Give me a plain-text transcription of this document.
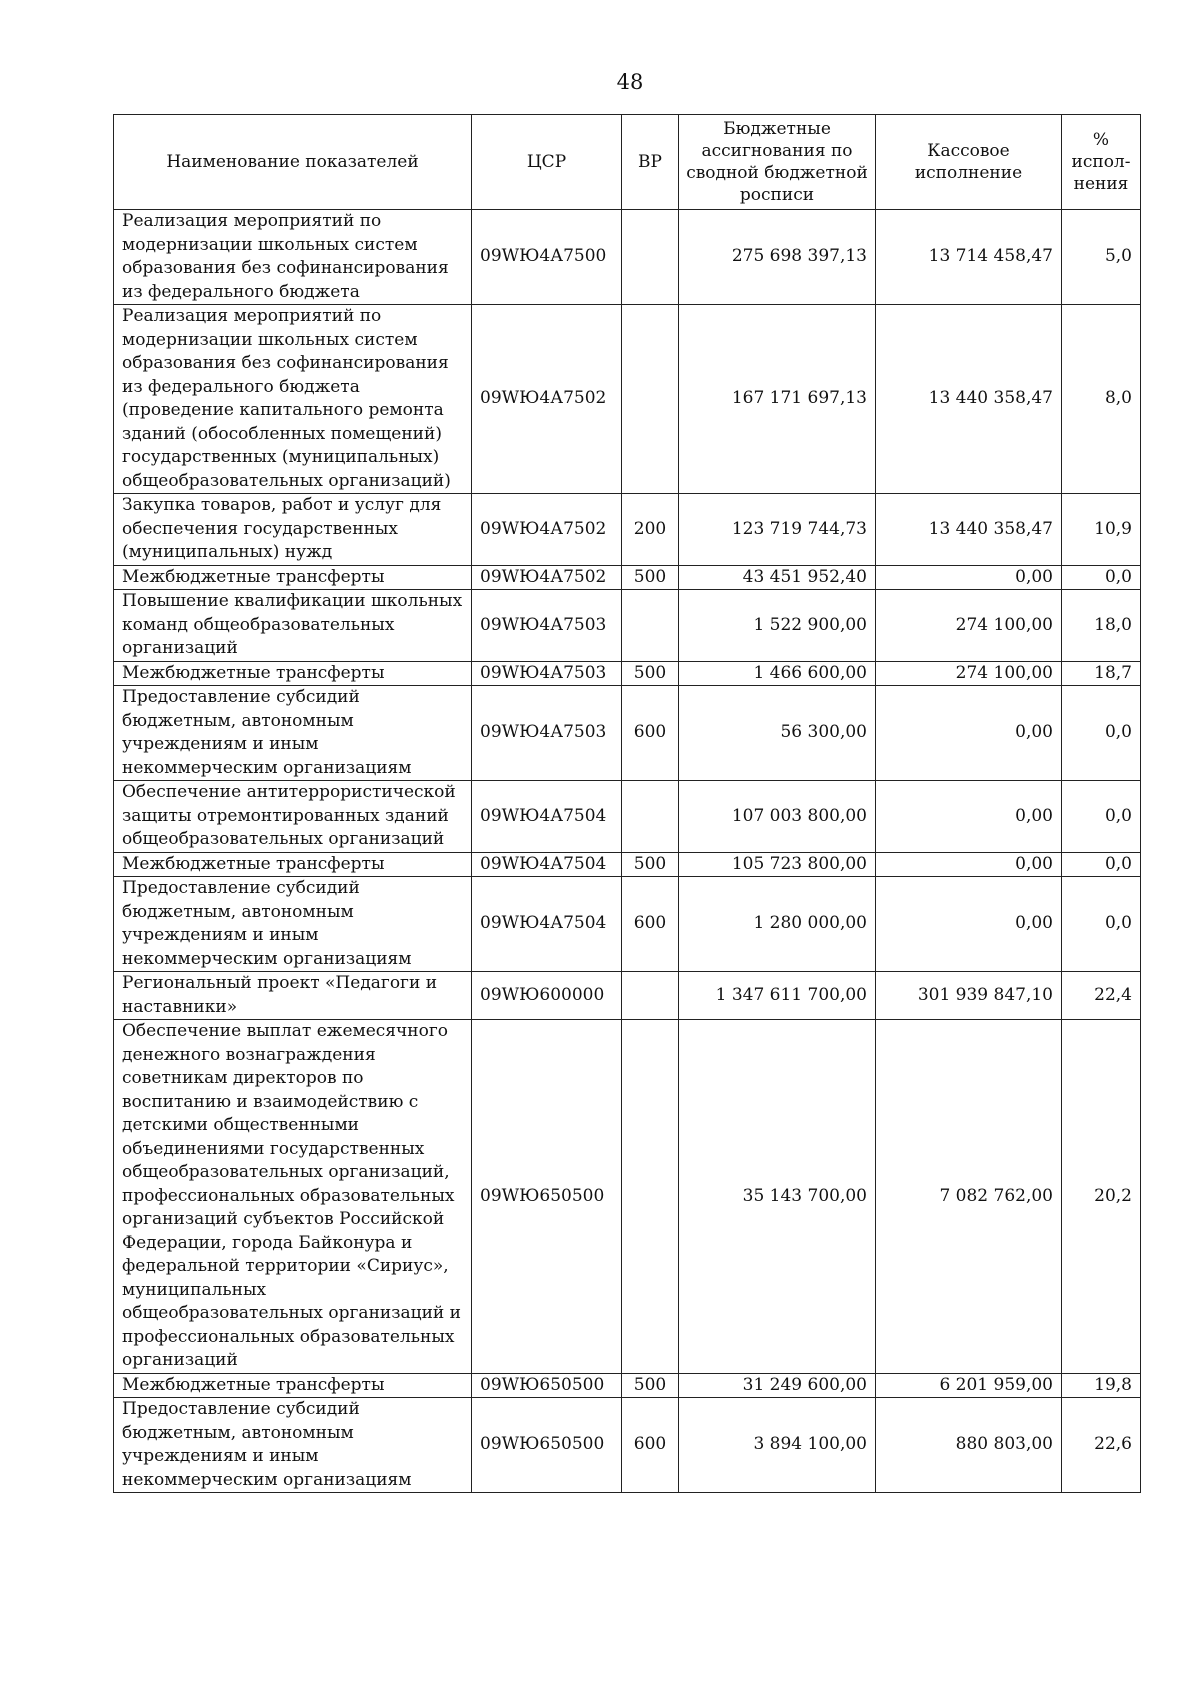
48
Наименование показателей	ЦСР	ВР	Бюджетные ассигнования по сводной бюджетной росписи	Кассовое исполнение	% испол-нения
Реализация мероприятий по модернизации школьных систем образования без софинансирования из федерального бюджета	09WЮ4А7500		275 698 397,13	13 714 458,47	5,0
Реализация мероприятий по модернизации школьных систем образования без софинансирования из федерального бюджета (проведение капитального ремонта зданий (обособленных помещений) государственных (муниципальных) общеобразовательных организаций)	09WЮ4А7502		167 171 697,13	13 440 358,47	8,0
Закупка товаров, работ и услуг для обеспечения государственных (муниципальных) нужд	09WЮ4А7502	200	123 719 744,73	13 440 358,47	10,9
Межбюджетные трансферты	09WЮ4А7502	500	43 451 952,40	0,00	0,0
Повышение квалификации школьных команд общеобразовательных организаций	09WЮ4А7503		1 522 900,00	274 100,00	18,0
Межбюджетные трансферты	09WЮ4А7503	500	1 466 600,00	274 100,00	18,7
Предоставление субсидий бюджетным, автономным учреждениям и иным некоммерческим организациям	09WЮ4А7503	600	56 300,00	0,00	0,0
Обеспечение антитеррористической защиты отремонтированных зданий общеобразовательных организаций	09WЮ4А7504		107 003 800,00	0,00	0,0
Межбюджетные трансферты	09WЮ4А7504	500	105 723 800,00	0,00	0,0
Предоставление субсидий бюджетным, автономным учреждениям и иным некоммерческим организациям	09WЮ4А7504	600	1 280 000,00	0,00	0,0
Региональный проект «Педагоги и наставники»	09WЮ600000		1 347 611 700,00	301 939 847,10	22,4
Обеспечение выплат ежемесячного денежного вознаграждения советникам директоров по воспитанию и взаимодействию с детскими общественными объединениями государственных общеобразовательных организаций, профессиональных образовательных организаций субъектов Российской Федерации, города Байконура и федеральной территории «Сириус», муниципальных общеобразовательных организаций и профессиональных образовательных организаций	09WЮ650500		35 143 700,00	7 082 762,00	20,2
Межбюджетные трансферты	09WЮ650500	500	31 249 600,00	6 201 959,00	19,8
Предоставление субсидий бюджетным, автономным учреждениям и иным некоммерческим организациям	09WЮ650500	600	3 894 100,00	880 803,00	22,6
